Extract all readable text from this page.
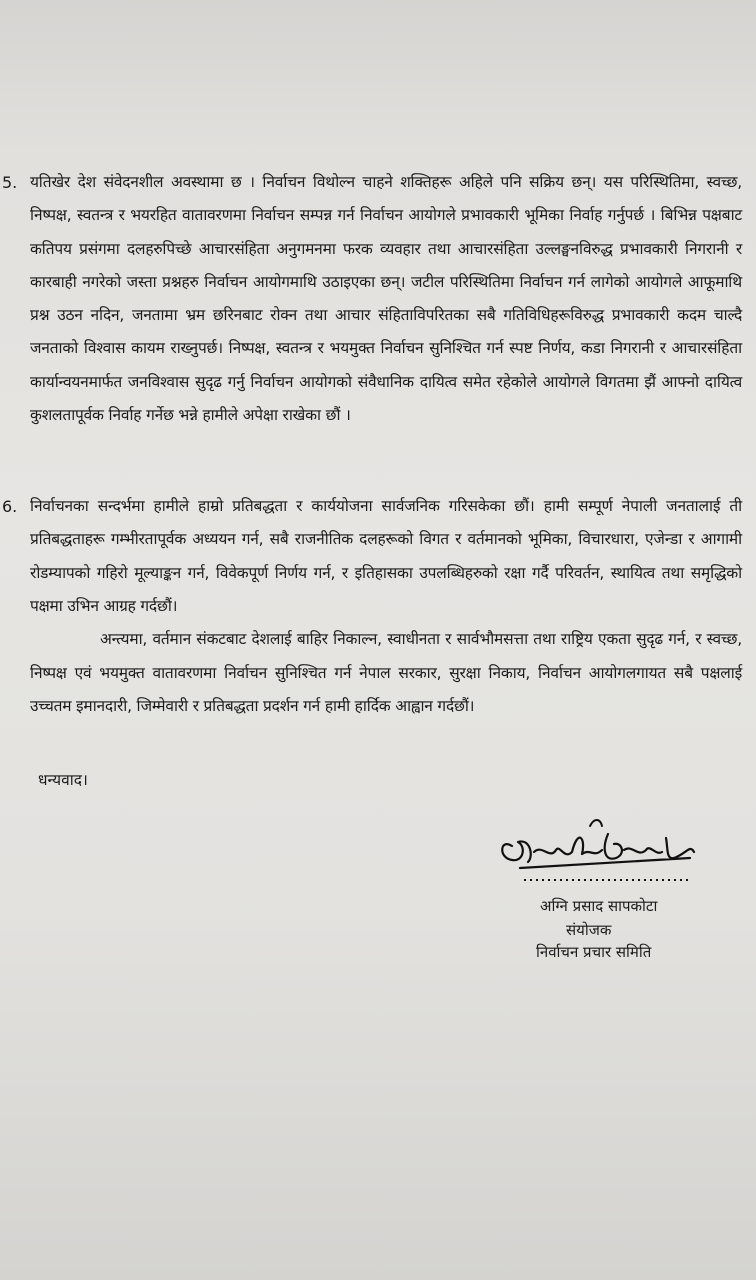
5. यतिखेर देश संवेदनशील अवस्थामा छ । निर्वाचन विथोल्न चाहने शक्तिहरू अहिले पनि सक्रिय छन्। यस परिस्थितिमा, स्वच्छ, निष्पक्ष, स्वतन्त्र र भयरहित वातावरणमा निर्वाचन सम्पन्न गर्न निर्वाचन आयोगले प्रभावकारी भूमिका निर्वाह गर्नुपर्छ । बिभिन्न पक्षबाट कतिपय प्रसंगमा दलहरुपिच्छे आचारसंहिता अनुगमनमा फरक व्यवहार तथा आचारसंहिता उल्लङ्घनविरुद्ध प्रभावकारी निगरानी र कारबाही नगरेको जस्ता प्रश्नहरु निर्वाचन आयोगमाथि उठाइएका छन्। जटील परिस्थितिमा निर्वाचन गर्न लागेको आयोगले आफूमाथि प्रश्न उठन नदिन, जनतामा भ्रम छरिनबाट रोक्न तथा आचार संहिताविपरितका सबै गतिविधिहरूविरुद्ध प्रभावकारी कदम चाल्दै जनताको विश्वास कायम राख्नुपर्छ। निष्पक्ष, स्वतन्त्र र भयमुक्त निर्वाचन सुनिश्चित गर्न स्पष्ट निर्णय, कडा निगरानी र आचारसंहिता कार्यान्वयनमार्फत जनविश्वास सुदृढ गर्नु निर्वाचन आयोगको संवैधानिक दायित्व समेत रहेकोले आयोगले विगतमा झैं आफ्नो दायित्व कुशलतापूर्वक निर्वाह गर्नेछ भन्ने हामीले अपेक्षा राखेका छौं ।

6. निर्वाचनका सन्दर्भमा हामीले हाम्रो प्रतिबद्धता र कार्ययोजना सार्वजनिक गरिसकेका छौं। हामी सम्पूर्ण नेपाली जनतालाई ती प्रतिबद्धताहरू गम्भीरतापूर्वक अध्ययन गर्न, सबै राजनीतिक दलहरूको विगत र वर्तमानको भूमिका, विचारधारा, एजेन्डा र आगामी रोडम्यापको गहिरो मूल्याङ्कन गर्न, विवेकपूर्ण निर्णय गर्न, र इतिहासका उपलब्धिहरुको रक्षा गर्दै परिवर्तन, स्थायित्व तथा समृद्धिको पक्षमा उभिन आग्रह गर्दछौं।

अन्त्यमा, वर्तमान संकटबाट देशलाई बाहिर निकाल्न, स्वाधीनता र सार्वभौमसत्ता तथा राष्ट्रिय एकता सुदृढ गर्न, र स्वच्छ, निष्पक्ष एवं भयमुक्त वातावरणमा निर्वाचन सुनिश्चित गर्न नेपाल सरकार, सुरक्षा निकाय, निर्वाचन आयोगलगायत सबै पक्षलाई उच्चतम इमानदारी, जिम्मेवारी र प्रतिबद्धता प्रदर्शन गर्न हामी हार्दिक आह्वान गर्दछौं।

धन्यवाद।
अग्नि प्रसाद सापकोटा
संयोजक
निर्वाचन प्रचार समिति
